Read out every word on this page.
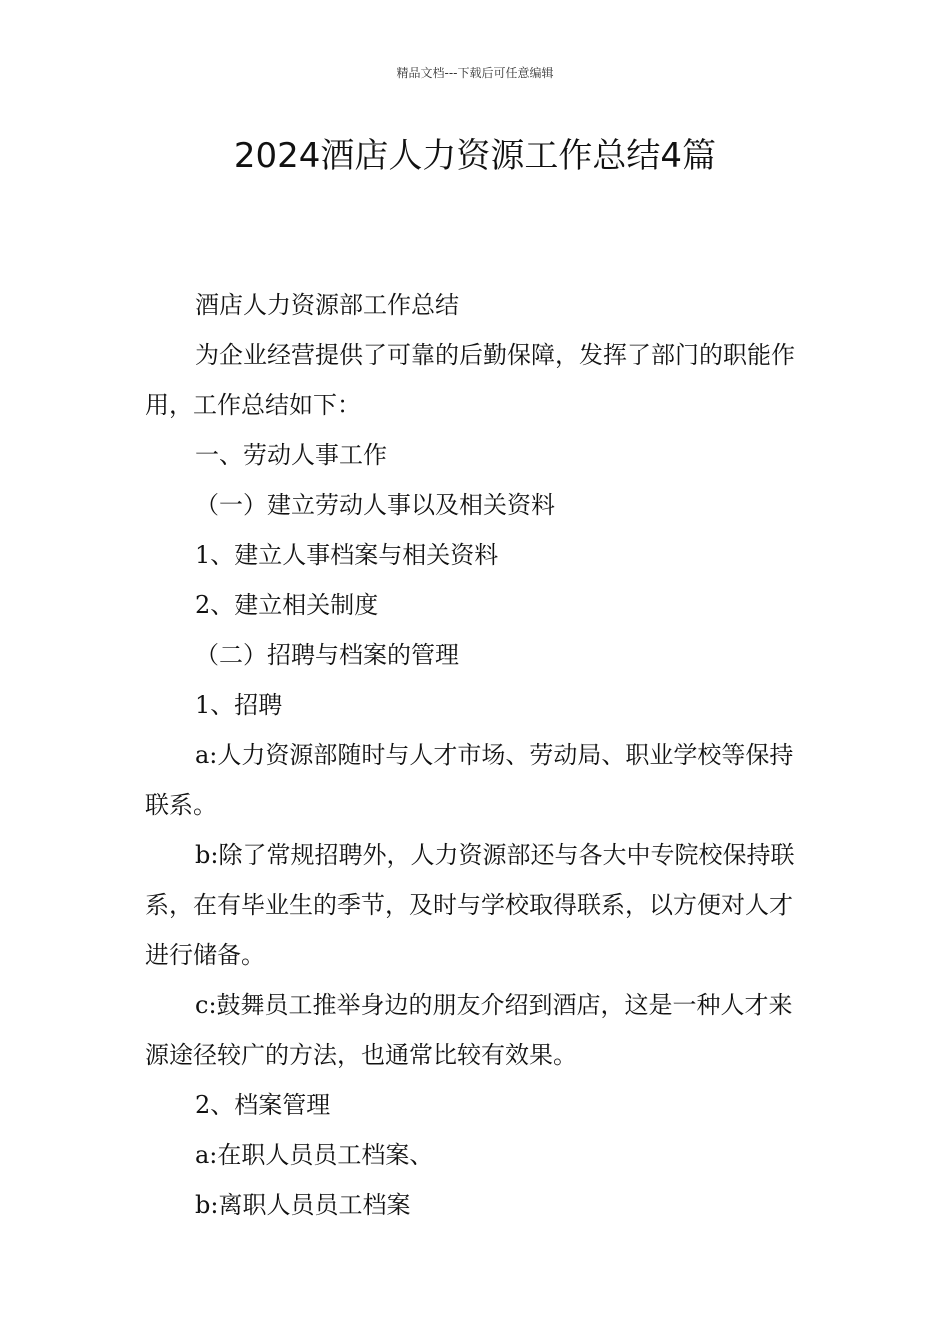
精品文档---下载后可任意编辑
2024酒店人力资源工作总结4篇

酒店人力资源部工作总结

为企业经营提供了可靠的后勤保障，发挥了部门的职能作用，工作总结如下：

一、劳动人事工作

（一）建立劳动人事以及相关资料

1、建立人事档案与相关资料

2、建立相关制度

（二）招聘与档案的管理

1、招聘

a:人力资源部随时与人才市场、劳动局、职业学校等保持联系。

b:除了常规招聘外，人力资源部还与各大中专院校保持联系，在有毕业生的季节，及时与学校取得联系，以方便对人才进行储备。

c:鼓舞员工推举身边的朋友介绍到酒店，这是一种人才来源途径较广的方法，也通常比较有效果。

2、档案管理

a:在职人员员工档案、

b:离职人员员工档案
